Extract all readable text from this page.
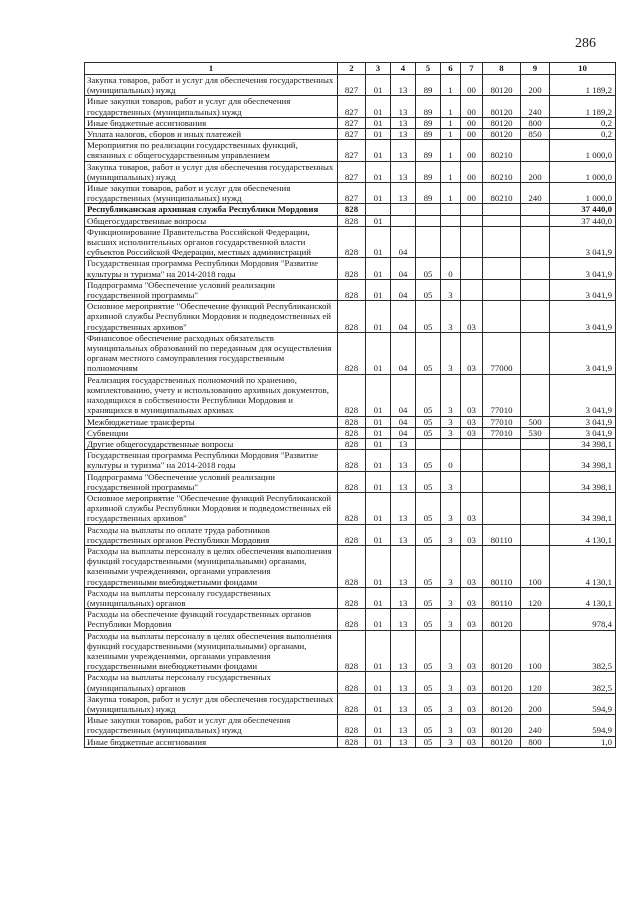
286
1	2	3	4	5	6	7	8	9	10
Закупка товаров, работ и услуг для обеспечения государственных (муниципальных) нужд	827	01	13	89	1	00	80120	200	1 189,2
Иные закупки товаров, работ и услуг для обеспечения государственных (муниципальных) нужд	827	01	13	89	1	00	80120	240	1 189,2
Иные бюджетные ассигнования	827	01	13	89	1	00	80120	800	0,2
Уплата налогов, сборов и иных платежей	827	01	13	89	1	00	80120	850	0,2
Мероприятия по реализации государственных функций, связанных с общегосударственным управлением	827	01	13	89	1	00	80210		1 000,0
Закупка товаров, работ и услуг для обеспечения государственных (муниципальных) нужд	827	01	13	89	1	00	80210	200	1 000,0
Иные закупки товаров, работ и услуг для обеспечения государственных (муниципальных) нужд	827	01	13	89	1	00	80210	240	1 000,0
Республиканская архивная служба Республики Мордовия	828								37 440,0
Общегосударственные вопросы	828	01							37 440,0
Функционирование Правительства Российской Федерации, высших исполнительных органов государственной власти субъектов Российской Федерации, местных администраций	828	01	04						3 041,9
Государственная программа Республики Мордовия "Развитие культуры и туризма" на 2014-2018 годы	828	01	04	05	0				3 041,9
Подпрограмма "Обеспечение условий реализации государственной программы"	828	01	04	05	3				3 041,9
Основное мероприятие "Обеспечение функций Республиканской архивной службы Республики Мордовия и подведомственных ей государственных архивов"	828	01	04	05	3	03			3 041,9
Финансовое обеспечение расходных обязательств муниципальных образований по переданным для осуществления органам местного самоуправления государственным полномочиям	828	01	04	05	3	03	77000		3 041,9
Реализация государственных полномочий по хранению, комплектованию, учету и использованию архивных документов, находящихся в собственности Республики Мордовия и хранящихся в муниципальных архивах	828	01	04	05	3	03	77010		3 041,9
Межбюджетные трансферты	828	01	04	05	3	03	77010	500	3 041,9
Субвенции	828	01	04	05	3	03	77010	530	3 041,9
Другие общегосударственные вопросы	828	01	13						34 398,1
Государственная программа Республики Мордовия "Развитие культуры и туризма" на 2014-2018 годы	828	01	13	05	0				34 398,1
Подпрограмма "Обеспечение условий реализации государственной программы"	828	01	13	05	3				34 398,1
Основное мероприятие "Обеспечение функций Республиканской архивной службы Республики Мордовия и подведомственных ей государственных архивов"	828	01	13	05	3	03			34 398,1
Расходы на выплаты по оплате труда работников государственных органов Республики Мордовия	828	01	13	05	3	03	80110		4 130,1
Расходы на выплаты персоналу в целях обеспечения выполнения функций государственными (муниципальными) органами, казенными учреждениями, органами управления государственными внебюджетными фондами	828	01	13	05	3	03	80110	100	4 130,1
Расходы на выплаты персоналу государственных (муниципальных) органов	828	01	13	05	3	03	80110	120	4 130,1
Расходы на обеспечение функций государственных органов Республики Мордовия	828	01	13	05	3	03	80120		978,4
Расходы на выплаты персоналу в целях обеспечения выполнения функций государственными (муниципальными) органами, казенными учреждениями, органами управления государственными внебюджетными фондами	828	01	13	05	3	03	80120	100	382,5
Расходы на выплаты персоналу государственных (муниципальных) органов	828	01	13	05	3	03	80120	120	382,5
Закупка товаров, работ и услуг для обеспечения государственных (муниципальных) нужд	828	01	13	05	3	03	80120	200	594,9
Иные закупки товаров, работ и услуг для обеспечения государственных (муниципальных) нужд	828	01	13	05	3	03	80120	240	594,9
Иные бюджетные ассигнования	828	01	13	05	3	03	80120	800	1,0
